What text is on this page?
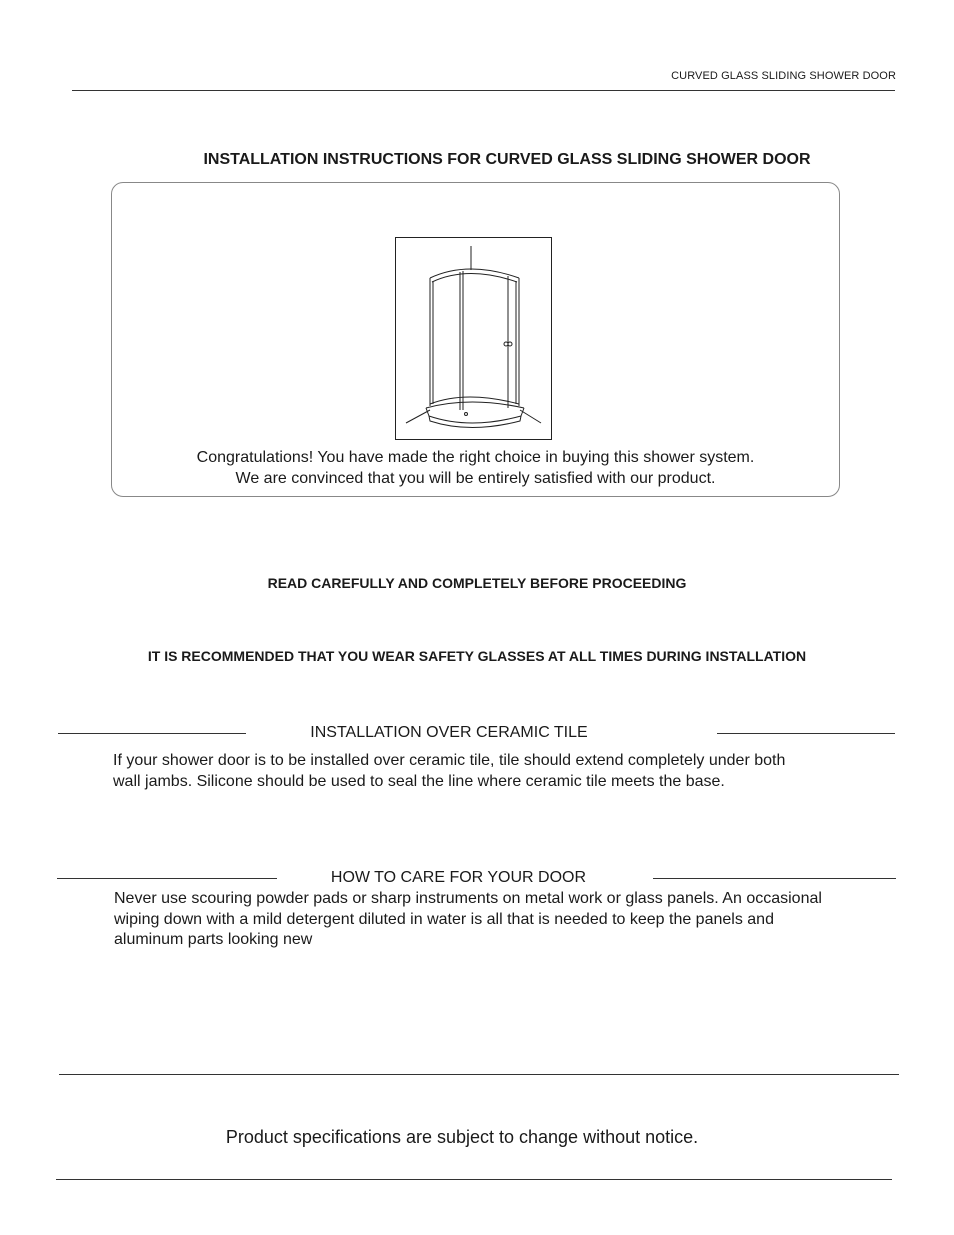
CURVED GLASS SLIDING SHOWER DOOR
INSTALLATION INSTRUCTIONS FOR CURVED GLASS SLIDING SHOWER DOOR
Congratulations! You have made the right choice in buying this shower system.
We are convinced that you will be entirely satisfied with our product.
READ CAREFULLY AND COMPLETELY BEFORE PROCEEDING
IT IS RECOMMENDED THAT YOU WEAR SAFETY GLASSES AT ALL TIMES DURING INSTALLATION
INSTALLATION OVER CERAMIC TILE
If your shower door is to be installed over ceramic tile, tile should extend completely under both
wall jambs. Silicone should be used to seal the line where ceramic tile meets the base.
HOW TO CARE FOR YOUR DOOR
Never use scouring powder pads or sharp instruments on metal work or glass panels. An occasional
wiping down with a mild detergent diluted in water is all that is needed to keep the panels and
aluminum parts looking new
Product specifications are subject to change without notice.
